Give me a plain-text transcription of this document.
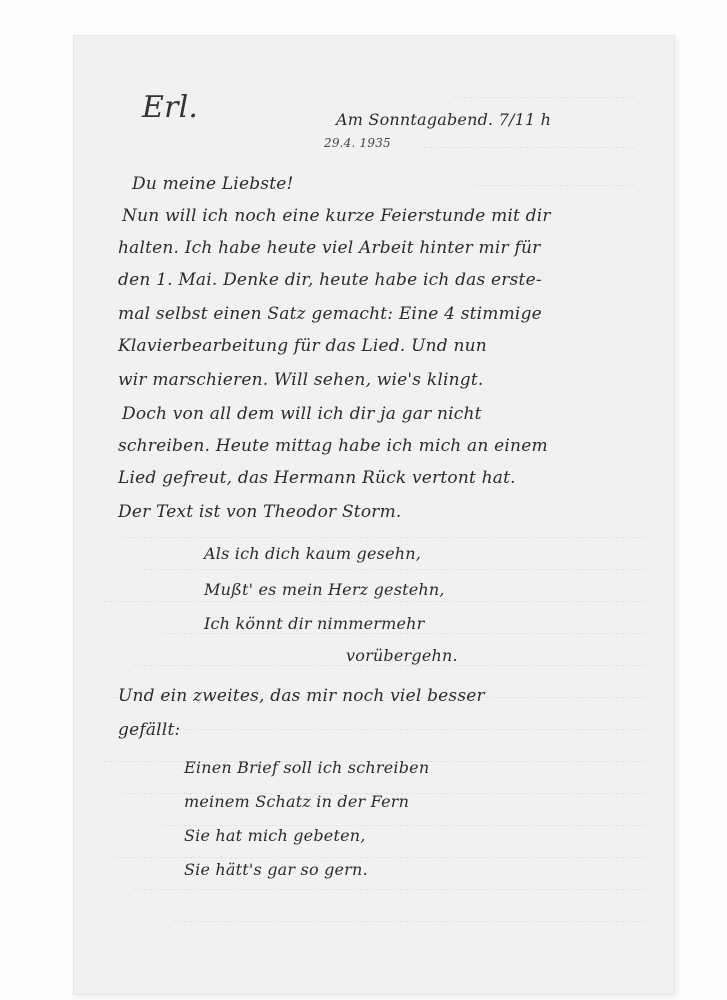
Erl.	Am Sonntagabend. 7/11 h
29.4. 1935
Du meine Liebste!
Nun will ich noch eine kurze Feierstunde mit dir
halten. Ich habe heute viel Arbeit hinter mir für
den 1. Mai. Denke dir, heute habe ich das erste-
mal selbst einen Satz gemacht: Eine 4 stimmige
Klavierbearbeitung für das Lied. Und nun
wir marschieren. Will sehen, wie's klingt.
Doch von all dem will ich dir ja gar nicht
schreiben. Heute mittag habe ich mich an einem
Lied gefreut, das Hermann Rück vertont hat.
Der Text ist von Theodor Storm.
Als ich dich kaum gesehn,
Mußt' es mein Herz gestehn,
Ich könnt dir nimmermehr
vorübergehn.
Und ein zweites, das mir noch viel besser
gefällt:
Einen Brief soll ich schreiben
meinem Schatz in der Fern
Sie hat mich gebeten,
Sie hätt's gar so gern.
